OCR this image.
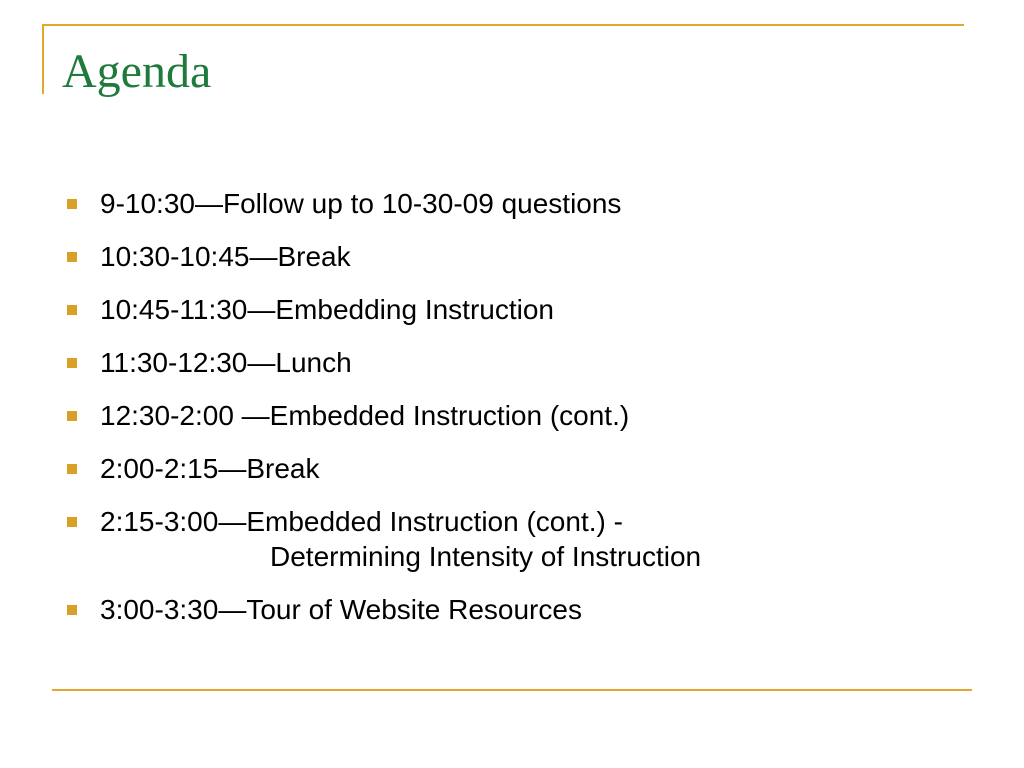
Agenda
9-10:30—Follow up to 10-30-09 questions
10:30-10:45—Break
10:45-11:30—Embedding Instruction
11:30-12:30—Lunch
12:30-2:00 —Embedded Instruction (cont.)
2:00-2:15—Break
2:15-3:00—Embedded Instruction (cont.) -
Determining Intensity of Instruction
3:00-3:30—Tour of Website Resources
